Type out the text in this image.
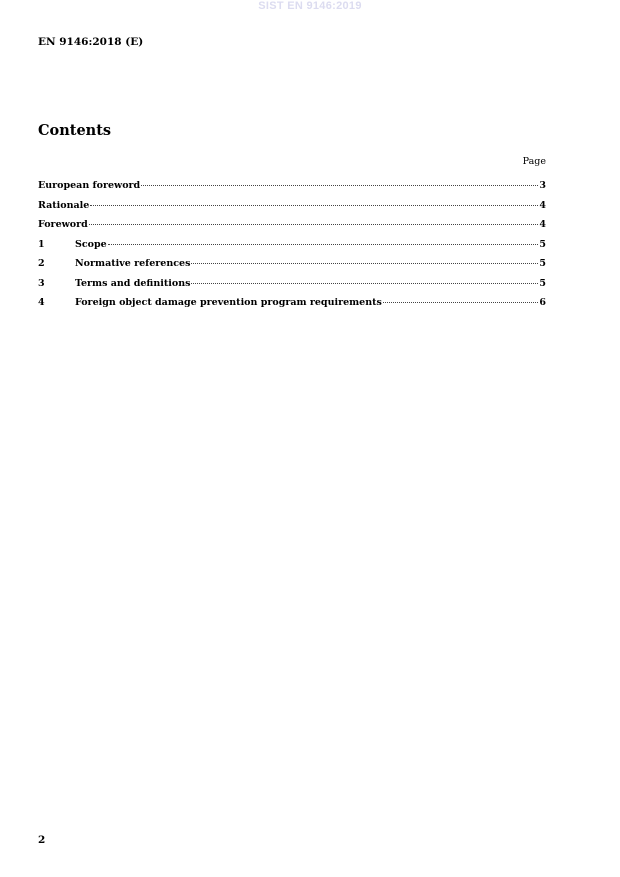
SIST EN 9146:2019
EN 9146:2018 (E)
Contents
Page
European foreword	3
Rationale	4
Foreword	4
1	Scope	5
2	Normative references	5
3	Terms and definitions	5
4	Foreign object damage prevention program requirements	6
2
